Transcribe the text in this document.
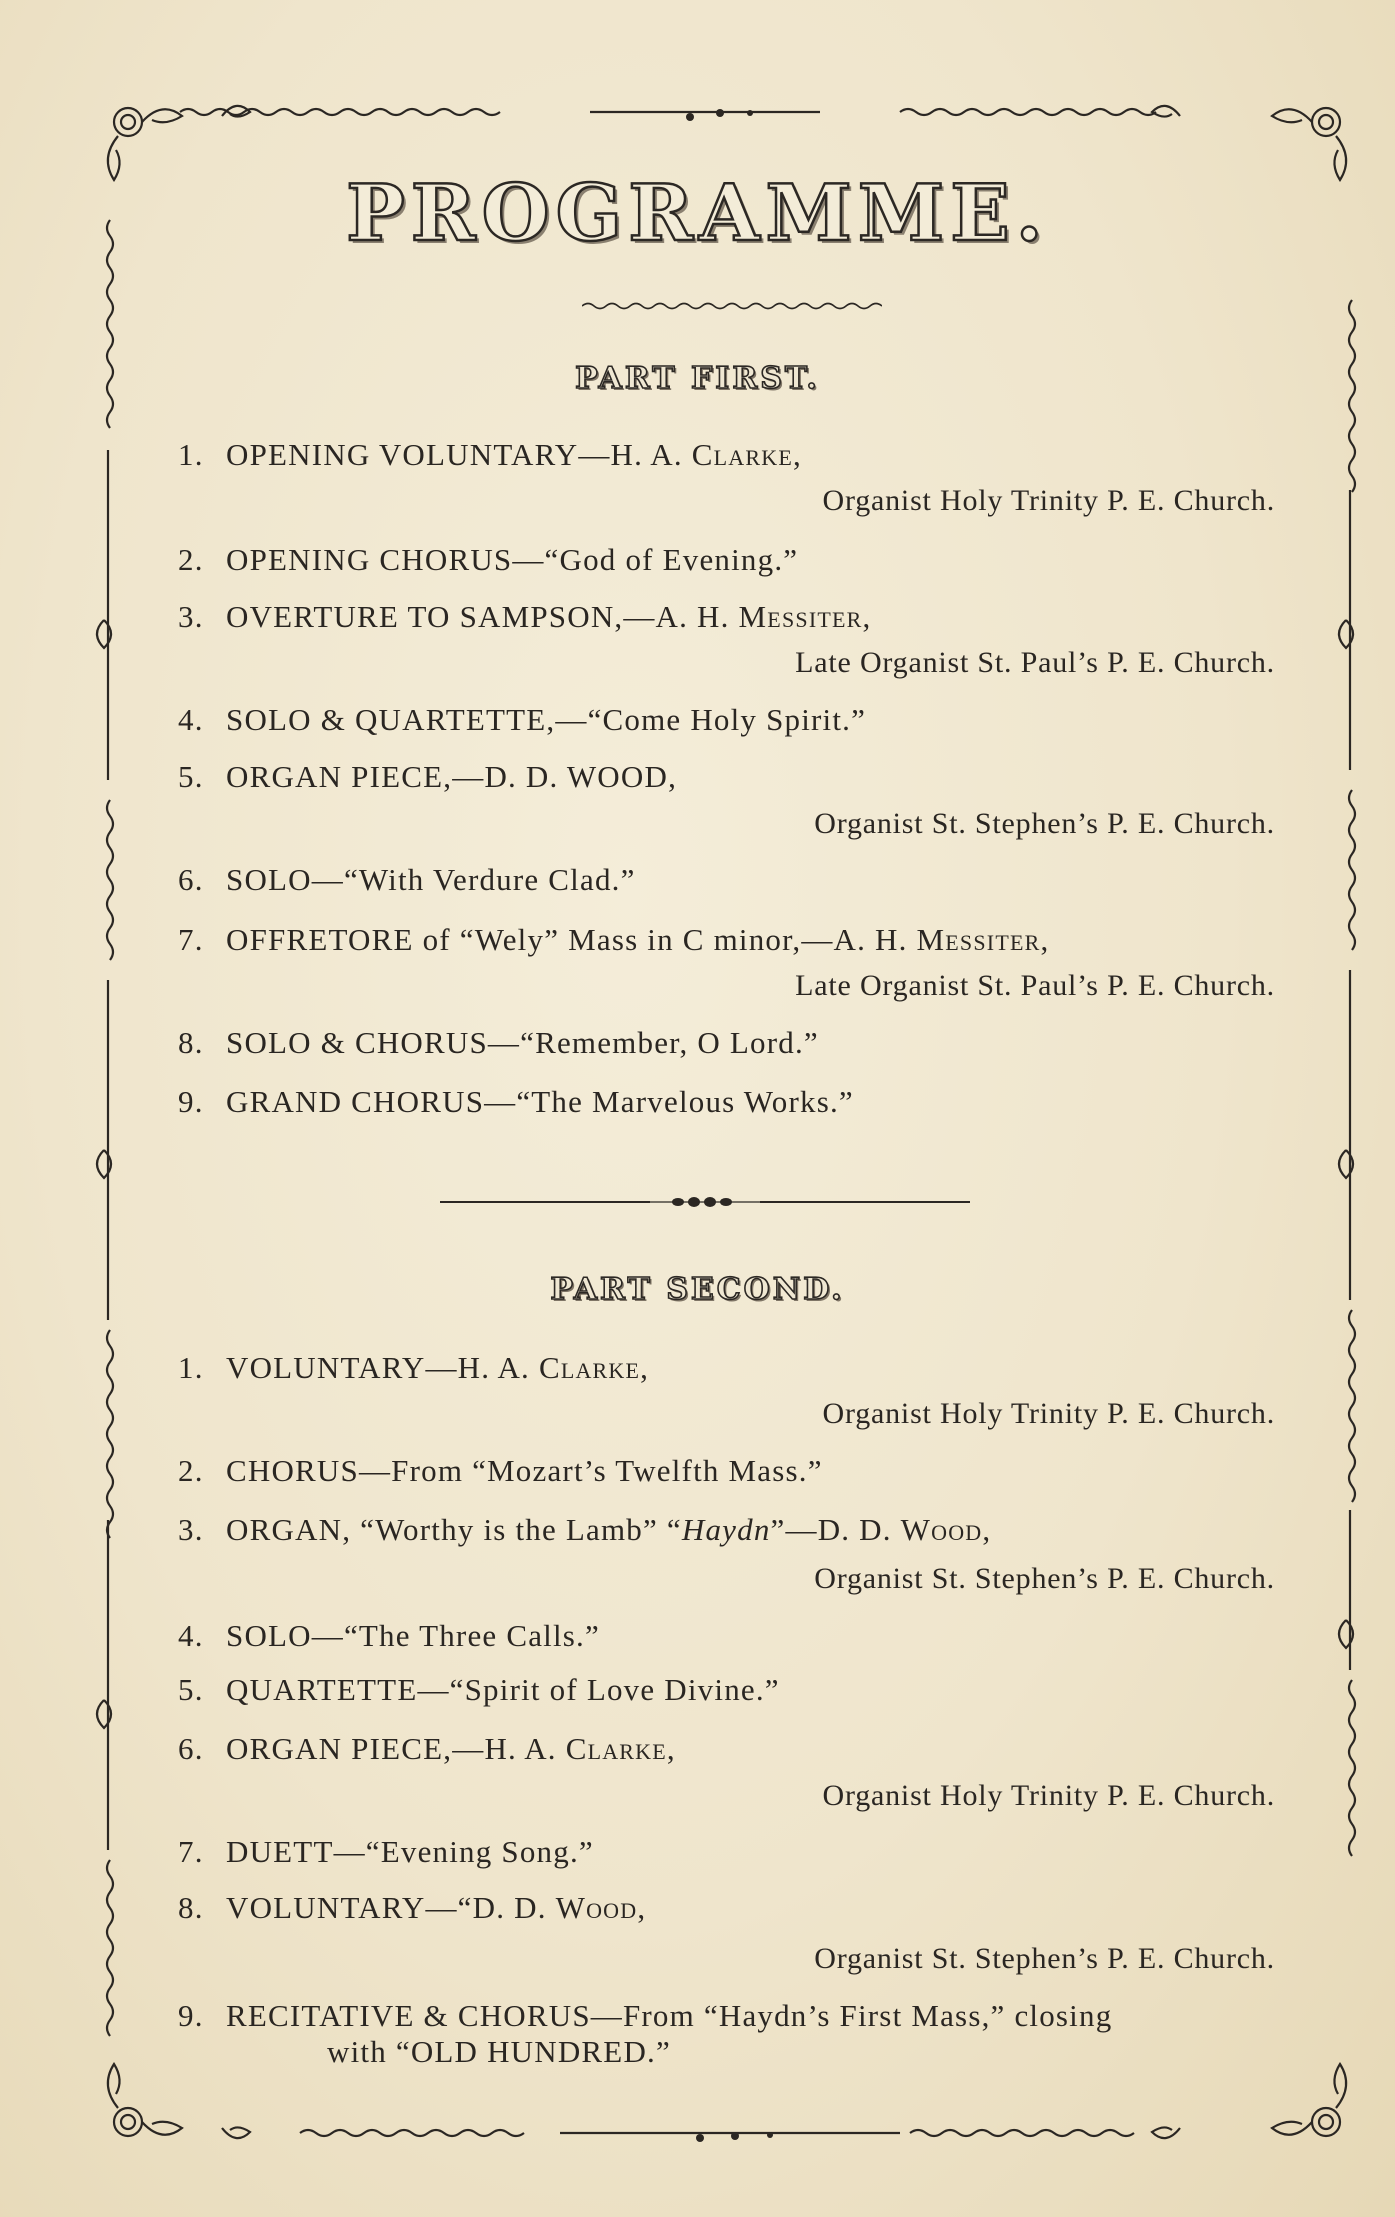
PROGRAMME.
PART FIRST.
1. OPENING VOLUNTARY—H. A. Clarke,
Organist Holy Trinity P. E. Church.
2. OPENING CHORUS—“God of Evening.”
3. OVERTURE TO SAMPSON,—A. H. Messiter,
Late Organist St. Paul’s P. E. Church.
4. SOLO & QUARTETTE,—“Come Holy Spirit.”
5. ORGAN PIECE,—D. D. WOOD,
Organist St. Stephen’s P. E. Church.
6. SOLO—“With Verdure Clad.”
7. OFFRETORE of “Wely” Mass in C minor,—A. H. Messiter,
Late Organist St. Paul’s P. E. Church.
8. SOLO & CHORUS—“Remember, O Lord.”
9. GRAND CHORUS—“The Marvelous Works.”
PART SECOND.
1. VOLUNTARY—H. A. Clarke,
Organist Holy Trinity P. E. Church.
2. CHORUS—From “Mozart’s Twelfth Mass.”
3. ORGAN, “Worthy is the Lamb” “Haydn”—D. D. Wood,
Organist St. Stephen’s P. E. Church.
4. SOLO—“The Three Calls.”
5. QUARTETTE—“Spirit of Love Divine.”
6. ORGAN PIECE,—H. A. Clarke,
Organist Holy Trinity P. E. Church.
7. DUETT—“Evening Song.”
8. VOLUNTARY—“D. D. Wood,
Organist St. Stephen’s P. E. Church.
9. RECITATIVE & CHORUS—From “Haydn’s First Mass,” closing
with “OLD HUNDRED.”
